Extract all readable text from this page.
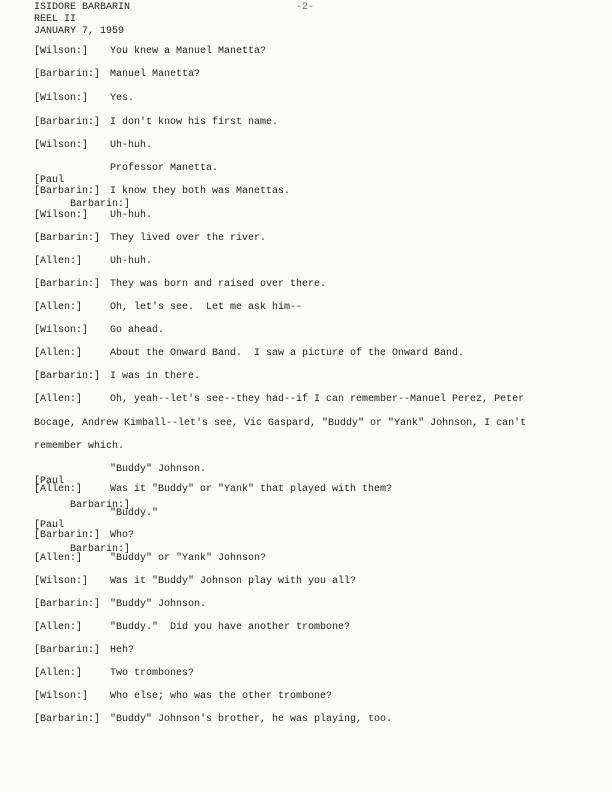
ISIDORE BARBARIN
REEL II
JANUARY 7, 1959
-2-
[Wilson:]	You knew a Manuel Manetta?
[Barbarin:] Manuel Manetta?
[Wilson:]	Yes.
[Barbarin:] I don't know his first name.
[Wilson:]	Uh-huh.

[Paul

Barbarin:]

Professor Manetta.
[Barbarin:] I know they both was Manettas.
[Wilson:]	Uh-huh.
[Barbarin:] They lived over the river.
[Allen:]	Uh-huh.
[Barbarin:] They was born and raised over there.
[Allen:]	Oh, let's see.  Let me ask him--
[Wilson:]	Go ahead.
[Allen:]	About the Onward Band.  I saw a picture of the Onward Band.
[Barbarin:] I was in there.
[Allen:]	Oh, yeah--let's see--they had--if I can remember--Manuel Perez, Peter
Bocage, Andrew Kimball--let's see, Vic Gaspard, "Buddy" or "Yank" Johnson, I can't
remember which.

[Paul

Barbarin:]

"Buddy" Johnson.
[Allen:]	Was it "Buddy" or "Yank" that played with them?

[Paul

Barbarin:]

"Buddy."
[Barbarin:] Who?
[Allen:]	"Buddy" or "Yank" Johnson?
[Wilson:]	Was it "Buddy" Johnson play with you all?
[Barbarin:] "Buddy" Johnson.
[Allen:]	"Buddy."  Did you have another trombone?
[Barbarin:] Heh?
[Allen:]	Two trombones?
[Wilson:]	Who else; who was the other trombone?
[Barbarin:] "Buddy" Johnson's brother, he was playing, too.
